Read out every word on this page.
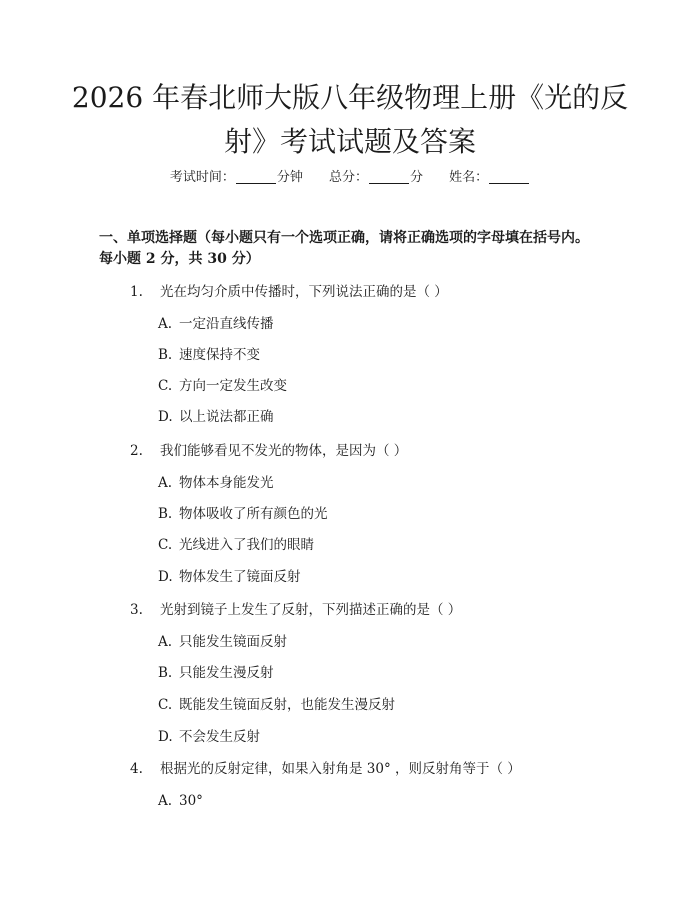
2026 年春北师大版八年级物理上册《光的反
射》考试试题及答案
考试时间：	分钟 总分：	分 姓名：
一、单项选择题（每小题只有一个选项正确，请将正确选项的字母填在括号内。
每小题 2 分，共 30 分）
1. 光在均匀介质中传播时，下列说法正确的是（ ）
A. 一定沿直线传播
B. 速度保持不变
C. 方向一定发生改变
D. 以上说法都正确
2. 我们能够看见不发光的物体，是因为（ ）
A. 物体本身能发光
B. 物体吸收了所有颜色的光
C. 光线进入了我们的眼睛
D. 物体发生了镜面反射
3. 光射到镜子上发生了反射，下列描述正确的是（ ）
A. 只能发生镜面反射
B. 只能发生漫反射
C. 既能发生镜面反射，也能发生漫反射
D. 不会发生反射
4. 根据光的反射定律，如果入射角是 30° ，则反射角等于（ ）
A. 30°
